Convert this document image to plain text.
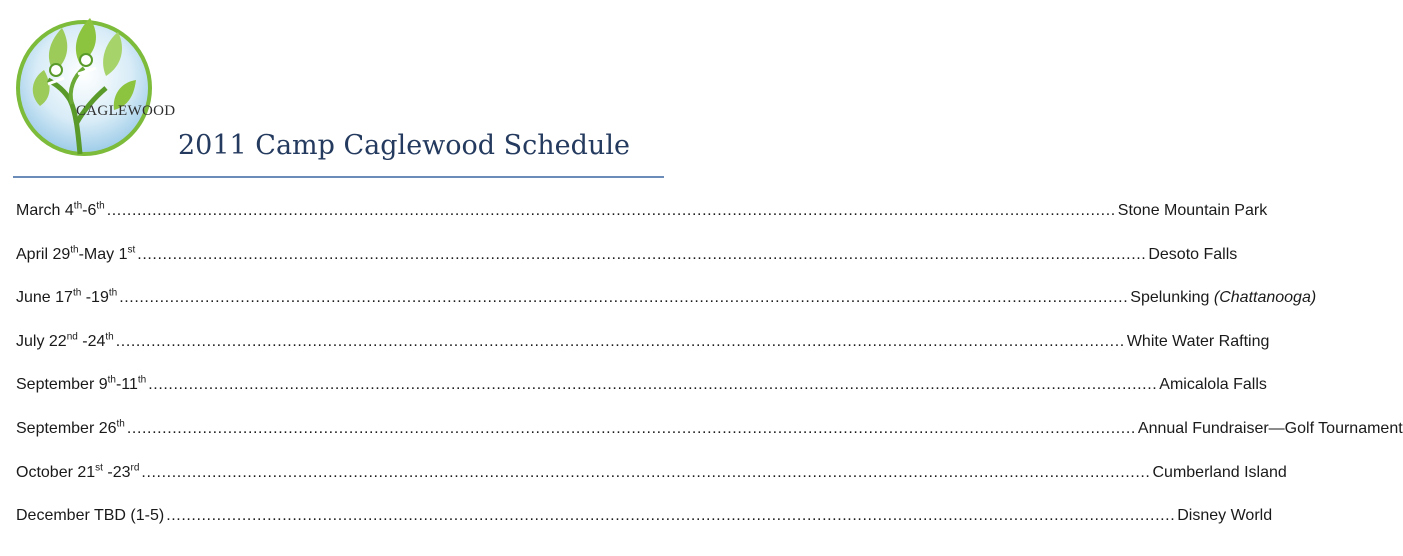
CAGLEWOOD
2011 Camp Caglewood Schedule
March 4th-6th ........................................................................................................................................................................................................ Stone Mountain Park
April 29th-May 1st ........................................................................................................................................................................................................ Desoto Falls
June 17th -19th ........................................................................................................................................................................................................ Spelunking (Chattanooga)
July 22nd -24th ........................................................................................................................................................................................................ White Water Rafting
September 9th-11th ........................................................................................................................................................................................................ Amicalola Falls
September 26th ........................................................................................................................................................................................................ Annual Fundraiser—Golf Tournament
October 21st -23rd ........................................................................................................................................................................................................ Cumberland Island
December TBD (1-5) ........................................................................................................................................................................................................ Disney World
